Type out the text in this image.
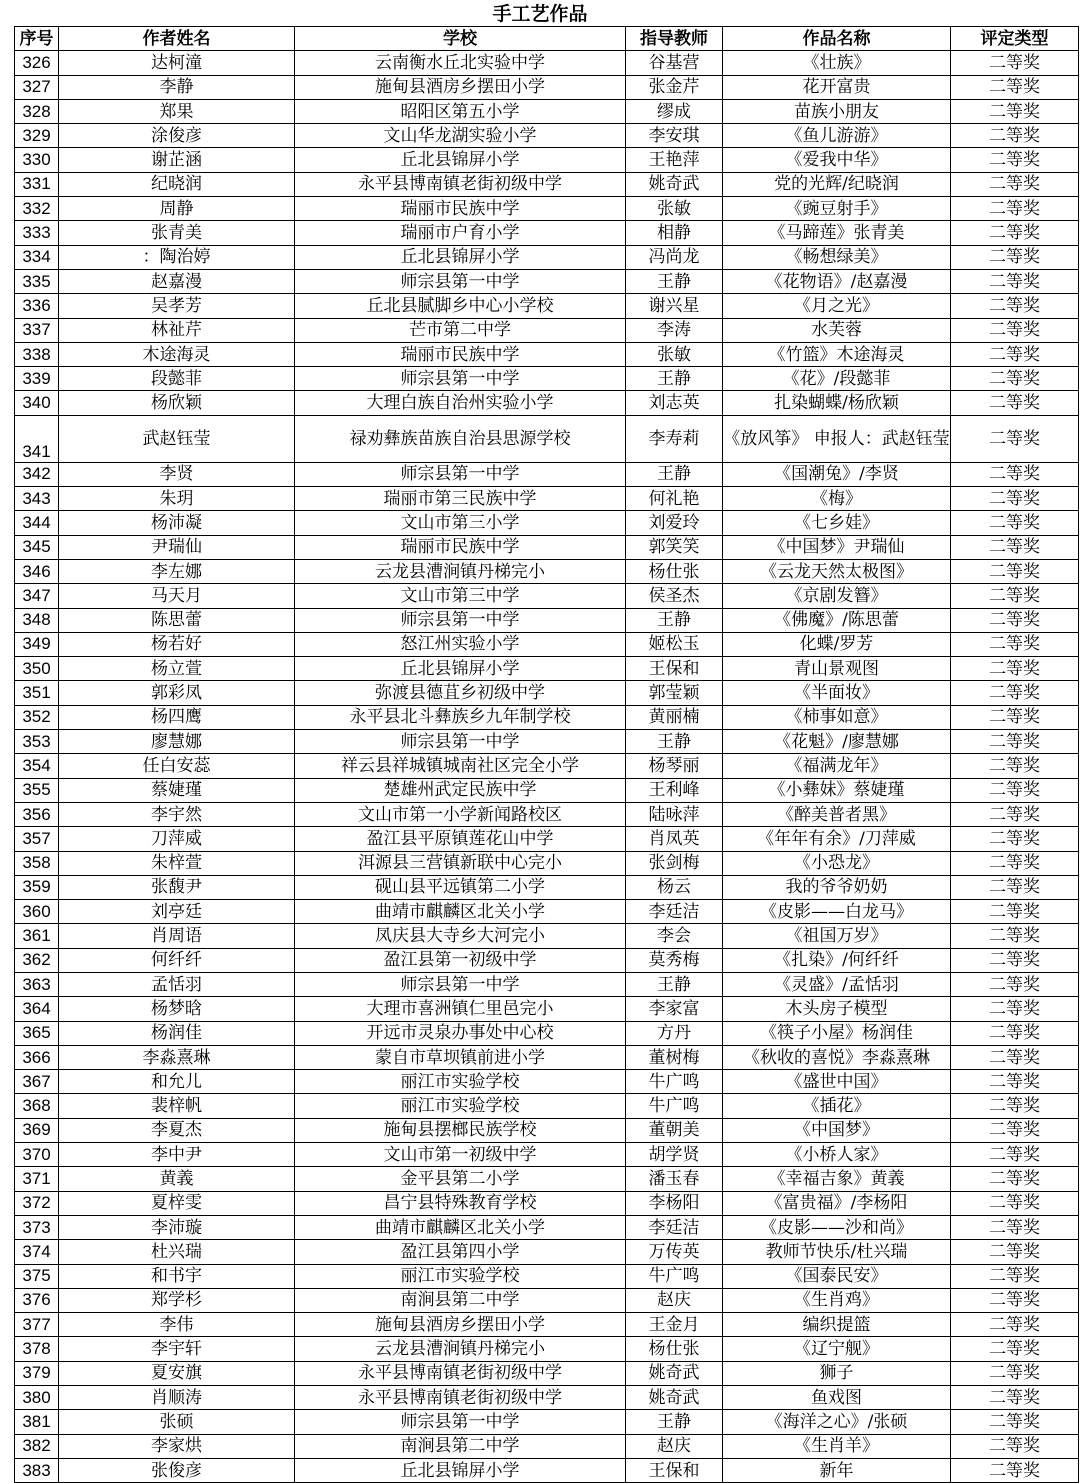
手工艺作品
序号	作者姓名	学校	指导教师	作品名称	评定类型
326	达柯潼	云南衡水丘北实验中学	谷基营	《壮族》	二等奖
327	李静	施甸县酒房乡摆田小学	张金芹	花开富贵	二等奖
328	郑果	昭阳区第五小学	缪成	苗族小朋友	二等奖
329	涂俊彦	文山华龙湖实验小学	李安琪	《鱼儿游游》	二等奖
330	谢芷涵	丘北县锦屏小学	王艳萍	《爱我中华》	二等奖
331	纪晓润	永平县博南镇老街初级中学	姚奇武	党的光辉/纪晓润	二等奖
332	周静	瑞丽市民族中学	张敏	《豌豆射手》	二等奖
333	张青美	瑞丽市户育小学	相静	《马蹄莲》张青美	二等奖
334	：陶治婷	丘北县锦屏小学	冯尚龙	《畅想绿美》	二等奖
335	赵嘉漫	师宗县第一中学	王静	《花物语》/赵嘉漫	二等奖
336	吴孝芳	丘北县腻脚乡中心小学校	谢兴星	《月之光》	二等奖
337	林祉芹	芒市第二中学	李涛	水芙蓉	二等奖
338	木途海灵	瑞丽市民族中学	张敏	《竹篮》木途海灵	二等奖
339	段懿菲	师宗县第一中学	王静	《花》/段懿菲	二等奖
340	杨欣颖	大理白族自治州实验小学	刘志英	扎染蝴蝶/杨欣颖	二等奖
341	武赵钰莹	禄劝彝族苗族自治县思源学校	李寿莉	《放风筝》 申报人：武赵钰莹	二等奖
342	李贤	师宗县第一中学	王静	《国潮兔》/李贤	二等奖
343	朱玥	瑞丽市第三民族中学	何礼艳	《梅》	二等奖
344	杨沛凝	文山市第三小学	刘爱玲	《七乡娃》	二等奖
345	尹瑞仙	瑞丽市民族中学	郭笑笑	《中国梦》尹瑞仙	二等奖
346	李左娜	云龙县漕涧镇丹梯完小	杨仕张	《云龙天然太极图》	二等奖
347	马天月	文山市第三中学	侯圣杰	《京剧发簪》	二等奖
348	陈思蕾	师宗县第一中学	王静	《佛魔》/陈思蕾	二等奖
349	杨若好	怒江州实验小学	姬松玉	化蝶/罗芳	二等奖
350	杨立萱	丘北县锦屏小学	王保和	青山景观图	二等奖
351	郭彩凤	弥渡县德苴乡初级中学	郭莹颖	《半面妆》	二等奖
352	杨四鹰	永平县北斗彝族乡九年制学校	黄丽楠	《柿事如意》	二等奖
353	廖慧娜	师宗县第一中学	王静	《花魁》/廖慧娜	二等奖
354	任白安蕊	祥云县祥城镇城南社区完全小学	杨琴丽	《福满龙年》	二等奖
355	蔡婕瑾	楚雄州武定民族中学	王利峰	《小彝妹》蔡婕瑾	二等奖
356	李宇然	文山市第一小学新闻路校区	陆咏萍	《醉美普者黑》	二等奖
357	刀萍威	盈江县平原镇莲花山中学	肖凤英	《年年有余》/刀萍威	二等奖
358	朱梓萱	洱源县三营镇新联中心完小	张剑梅	《小恐龙》	二等奖
359	张馥尹	砚山县平远镇第二小学	杨云	我的爷爷奶奶	二等奖
360	刘亭廷	曲靖市麒麟区北关小学	李廷洁	《皮影——白龙马》	二等奖
361	肖周语	凤庆县大寺乡大河完小	李会	《祖国万岁》	二等奖
362	何纤纤	盈江县第一初级中学	莫秀梅	《扎染》/何纤纤	二等奖
363	孟恬羽	师宗县第一中学	王静	《灵盛》/孟恬羽	二等奖
364	杨梦晗	大理市喜洲镇仁里邑完小	李家富	木头房子模型	二等奖
365	杨润佳	开远市灵泉办事处中心校	方丹	《筷子小屋》杨润佳	二等奖
366	李淼熹琳	蒙自市草坝镇前进小学	董树梅	《秋收的喜悦》李淼熹琳	二等奖
367	和允儿	丽江市实验学校	牛广鸣	《盛世中国》	二等奖
368	裴梓帆	丽江市实验学校	牛广鸣	《插花》	二等奖
369	李夏杰	施甸县摆榔民族学校	董朝美	《中国梦》	二等奖
370	李中尹	文山市第一初级中学	胡学贤	《小桥人家》	二等奖
371	黄義	金平县第二小学	潘玉春	《幸福吉象》黄義	二等奖
372	夏梓雯	昌宁县特殊教育学校	李杨阳	《富贵福》/李杨阳	二等奖
373	李沛璇	曲靖市麒麟区北关小学	李廷洁	《皮影——沙和尚》	二等奖
374	杜兴瑞	盈江县第四小学	万传英	教师节快乐/杜兴瑞	二等奖
375	和书宇	丽江市实验学校	牛广鸣	《国泰民安》	二等奖
376	郑学杉	南涧县第二中学	赵庆	《生肖鸡》	二等奖
377	李伟	施甸县酒房乡摆田小学	王金月	编织提篮	二等奖
378	李宇轩	云龙县漕涧镇丹梯完小	杨仕张	《辽宁舰》	二等奖
379	夏安旗	永平县博南镇老街初级中学	姚奇武	狮子	二等奖
380	肖顺涛	永平县博南镇老街初级中学	姚奇武	鱼戏图	二等奖
381	张硕	师宗县第一中学	王静	《海洋之心》/张硕	二等奖
382	李家烘	南涧县第二中学	赵庆	《生肖羊》	二等奖
383	张俊彦	丘北县锦屏小学	王保和	新年	二等奖
